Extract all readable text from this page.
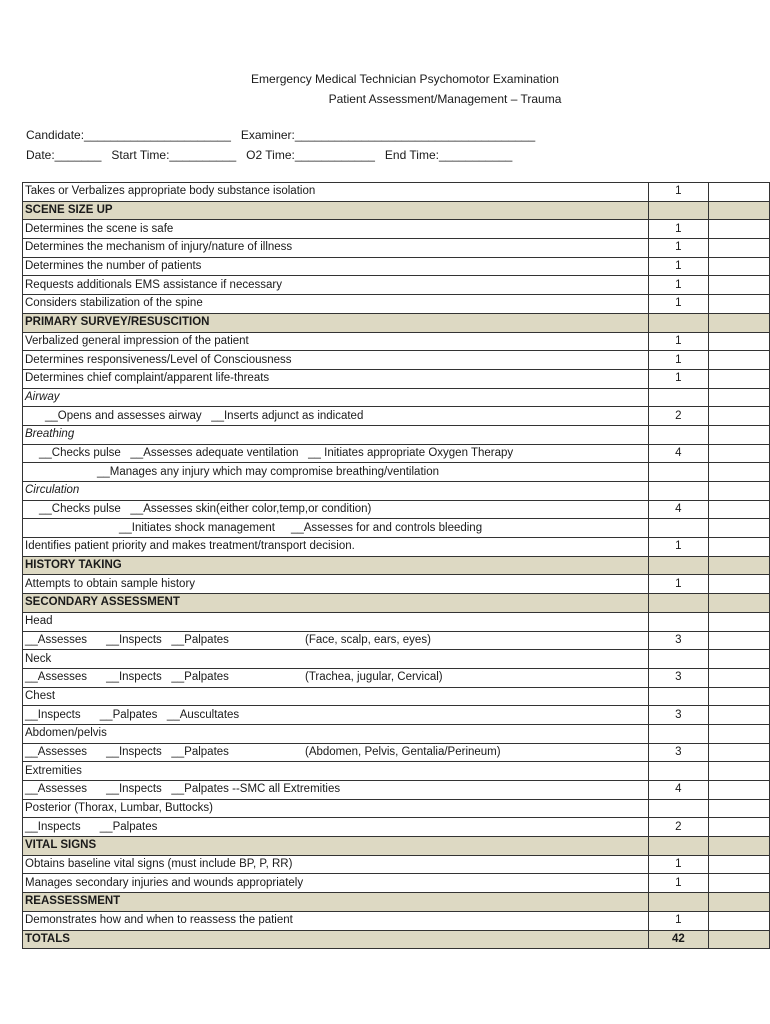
Emergency Medical Technician Psychomotor Examination
Patient Assessment/Management – Trauma
Candidate:______________________   Examiner:____________________________________
Date:_______   Start Time:__________   O2 Time:____________   End Time:___________
Takes or Verbalizes appropriate body substance isolation	1	
SCENE SIZE UP		
Determines the scene is safe	1	
Determines the mechanism of injury/nature of illness	1	
Determines the number of patients	1	
Requests additionals EMS assistance if necessary	1	
Considers stabilization of the spine	1	
PRIMARY SURVEY/RESUSCITION		
Verbalized general impression of the patient	1	
Determines responsiveness/Level of Consciousness	1	
Determines chief complaint/apparent life-threats	1	
Airway		
__Opens and assesses airway   __Inserts adjunct as indicated	2	
Breathing		
__Checks pulse   __Assesses adequate ventilation   __ Initiates appropriate Oxygen Therapy	4	
__Manages any injury which may compromise breathing/ventilation		
Circulation		
__Checks pulse   __Assesses skin(either color,temp,or condition)	4	
__Initiates shock management     __Assesses for and controls bleeding		
Identifies patient priority and makes treatment/transport decision.	1	
HISTORY TAKING		
Attempts to obtain sample history	1	
SECONDARY ASSESSMENT		
Head		
__Assesses      __Inspects   __Palpates (Face, scalp, ears, eyes)	3	
Neck		
__Assesses      __Inspects   __Palpates (Trachea, jugular, Cervical)	3	
Chest		
__Inspects      __Palpates   __Auscultates	3	
Abdomen/pelvis		
__Assesses      __Inspects   __Palpates (Abdomen, Pelvis, Gentalia/Perineum)	3	
Extremities		
__Assesses      __Inspects   __Palpates --SMC all Extremities	4	
Posterior (Thorax, Lumbar, Buttocks)		
__Inspects      __Palpates	2	
VITAL SIGNS		
Obtains baseline vital signs (must include BP, P, RR)	1	
Manages secondary injuries and wounds appropriately	1	
REASSESSMENT		
Demonstrates how and when to reassess the patient	1	
TOTALS	42	
